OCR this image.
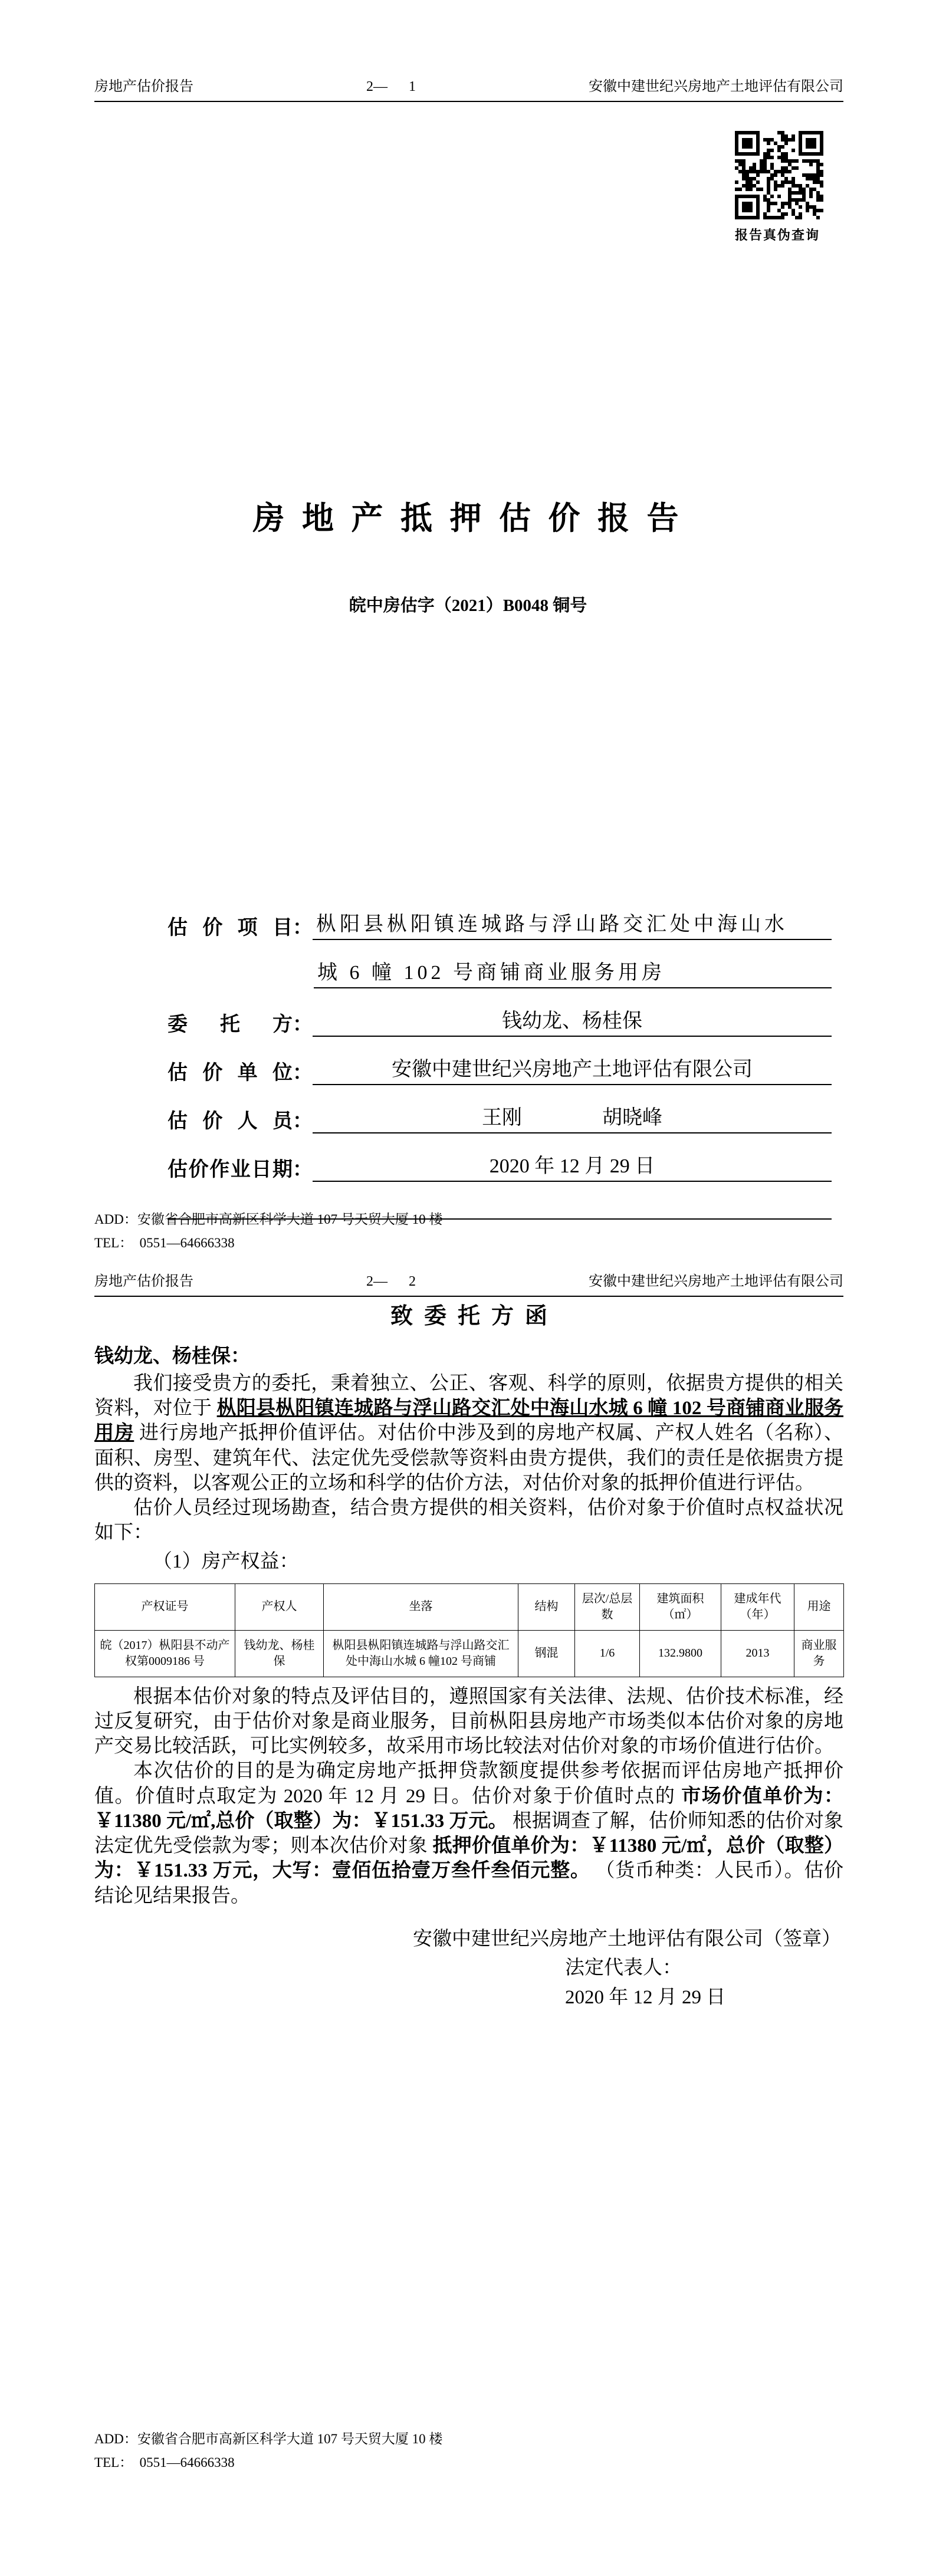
房地产估价报告	2—      1	安徽中建世纪兴房地产土地评估有限公司
报告真伪查询
房 地 产 抵 押 估 价 报 告
皖中房估字（2021）B0048 铜号
估价项目 ： 枞阳县枞阳镇连城路与浮山路交汇处中海山水
城 6 幢 102 号商铺商业服务用房
委托方 ：	钱幼龙、杨桂保
估价单位 ：	安徽中建世纪兴房地产土地评估有限公司
估价人员 ：	王刚　　　　胡晓峰
估价作业日期 ：	2020 年 12 月 29 日
ADD：安徽省合肥市高新区科学大道 107 号天贸大厦 10 楼
TEL：  0551—64666338
房地产估价报告	2—      2	安徽中建世纪兴房地产土地评估有限公司
致  委  托  方  函
钱幼龙、杨桂保：

我们接受贵方的委托，秉着独立、公正、客观、科学的原则，依据贵方提供的相关资料，对位于 枞阳县枞阳镇连城路与浮山路交汇处中海山水城 6 幢 102 号商铺商业服务用房 进行房地产抵押价值评估。对估价中涉及到的房地产权属、产权人姓名（名称）、面积、房型、建筑年代、法定优先受偿款等资料由贵方提供，我们的责任是依据贵方提供的资料，以客观公正的立场和科学的估价方法，对估价对象的抵押价值进行评估。

估价人员经过现场勘查，结合贵方提供的相关资料，估价对象于价值时点权益状况如下：

（1）房产权益：

产权证号	产权人	坐落	结构	层次/总层数	建筑面积（㎡）	建成年代（年）	用途
皖（2017）枞阳县不动产权第0009186 号	钱幼龙、杨桂保	枞阳县枞阳镇连城路与浮山路交汇处中海山水城 6 幢102 号商铺	钢混	1/6	132.9800	2013	商业服务

根据本估价对象的特点及评估目的，遵照国家有关法律、法规、估价技术标准，经过反复研究，由于估价对象是商业服务，目前枞阳县房地产市场类似本估价对象的房地产交易比较活跃，可比实例较多，故采用市场比较法对估价对象的市场价值进行估价。

本次估价的目的是为确定房地产抵押贷款额度提供参考依据而评估房地产抵押价值。价值时点取定为 2020 年 12 月 29 日。估价对象于价值时点的 市场价值单价为：￥11380 元/㎡,总价（取整）为：￥151.33 万元。 根据调查了解，估价师知悉的估价对象法定优先受偿款为零；则本次估价对象 抵押价值单价为：￥11380 元/㎡，总价（取整）为：￥151.33 万元，大写：壹佰伍拾壹万叁仟叁佰元整。 （货币种类：人民币）。估价结论见结果报告。

安徽中建世纪兴房地产土地评估有限公司（签章）
法定代表人：
2020 年 12 月 29 日
ADD：安徽省合肥市高新区科学大道 107 号天贸大厦 10 楼
TEL：  0551—64666338
